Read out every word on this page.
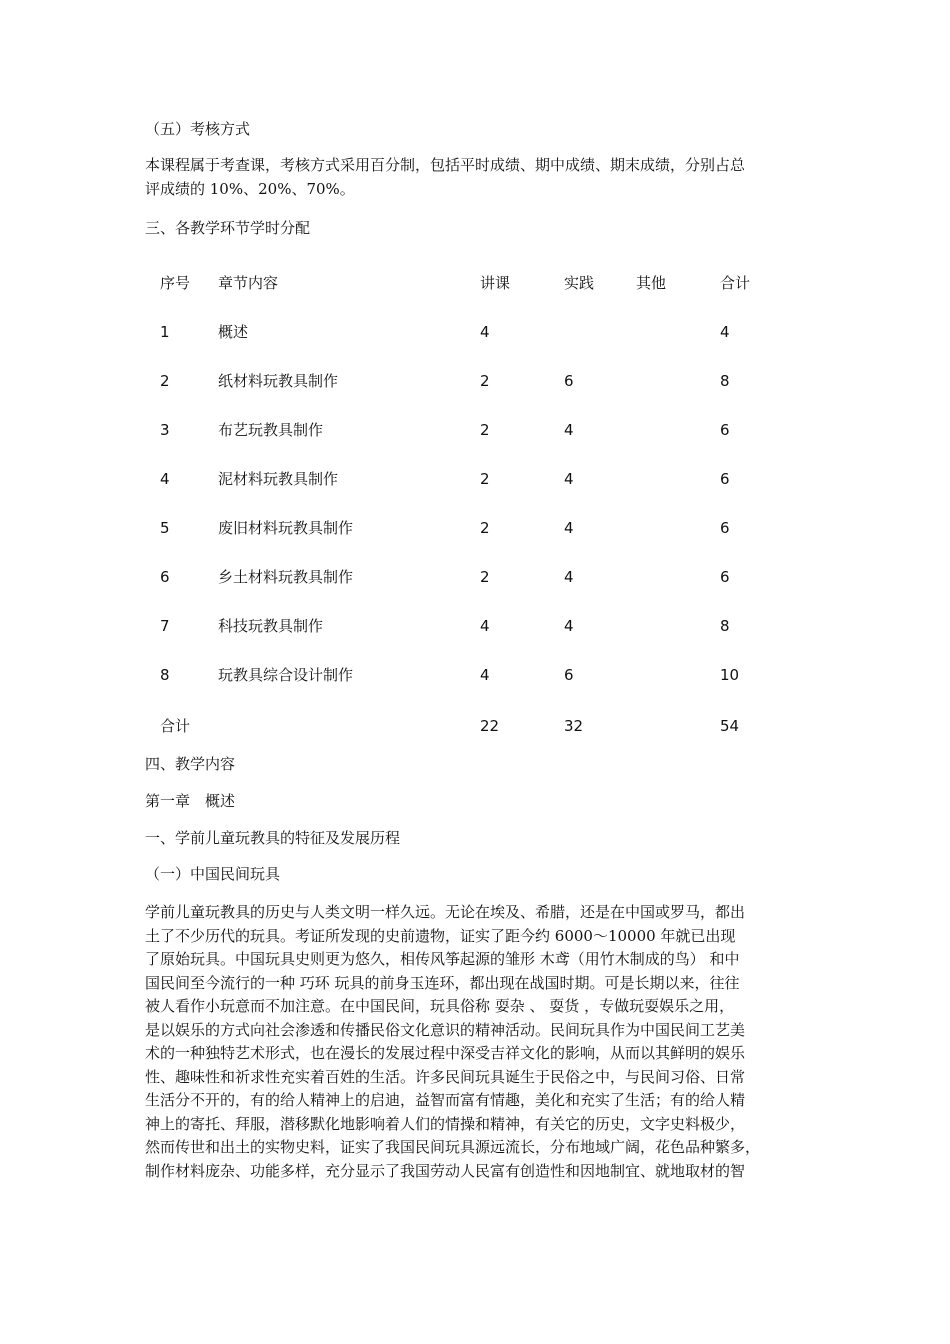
（五）考核方式
本课程属于考查课，考核方式采用百分制，包括平时成绩、期中成绩、期末成绩，分别占总
评成绩的 10%、20%、70%。
三、各教学环节学时分配
序号	章节内容	讲课	实践	其他	合计
1	概述	4			4
2	纸材料玩教具制作	2	6		8
3	布艺玩教具制作	2	4		6
4	泥材料玩教具制作	2	4		6
5	废旧材料玩教具制作	2	4		6
6	乡土材料玩教具制作	2	4		6
7	科技玩教具制作	4	4		8
8	玩教具综合设计制作	4	6		10
合计		22	32		54
四、教学内容
第一章　概述
一、学前儿童玩教具的特征及发展历程
（一）中国民间玩具
学前儿童玩教具的历史与人类文明一样久远。无论在埃及、希腊，还是在中国或罗马，都出
土了不少历代的玩具。考证所发现的史前遗物，证实了距今约 6000～10000 年就已出现
了原始玩具。中国玩具史则更为悠久，相传风筝起源的雏形 木鸢（用竹木制成的鸟） 和中
国民间至今流行的一种 巧环 玩具的前身玉连环，都出现在战国时期。可是长期以来，往往
被人看作小玩意而不加注意。在中国民间，玩具俗称 耍杂 、 耍货 ，专做玩耍娱乐之用，
是以娱乐的方式向社会渗透和传播民俗文化意识的精神活动。民间玩具作为中国民间工艺美
术的一种独特艺术形式，也在漫长的发展过程中深受吉祥文化的影响，从而以其鲜明的娱乐
性、趣味性和祈求性充实着百姓的生活。许多民间玩具诞生于民俗之中，与民间习俗、日常
生活分不开的，有的给人精神上的启迪，益智而富有情趣，美化和充实了生活；有的给人精
神上的寄托、拜服，潜移默化地影响着人们的情操和精神，有关它的历史，文字史料极少，
然而传世和出土的实物史料，证实了我国民间玩具源远流长，分布地域广阔，花色品种繁多，
制作材料庞杂、功能多样，充分显示了我国劳动人民富有创造性和因地制宜、就地取材的智
